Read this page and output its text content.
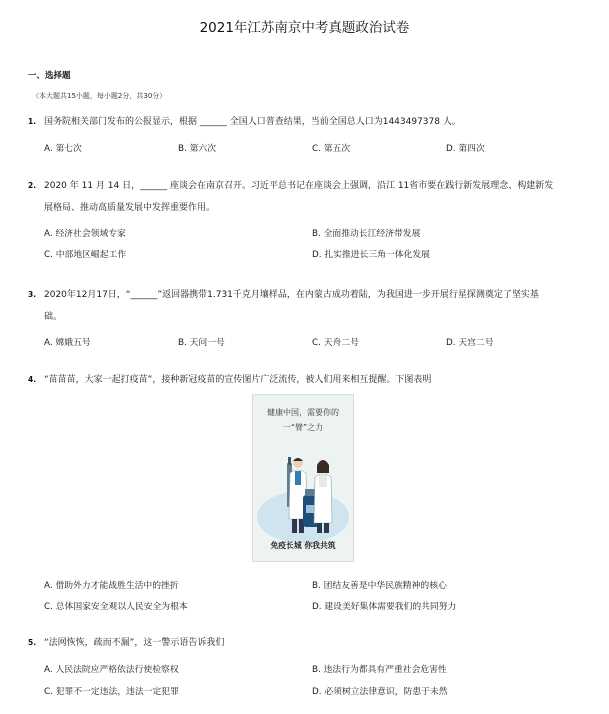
2021年江苏南京中考真题政治试卷
一、选择题
（本大题共15小题，每小题2分，共30分）
1. 国务院相关部门发布的公报显示，根据 ______ 全国人口普查结果，当前全国总人口为1443497378 人。
A. 第七次	B. 第六次	C. 第五次	D. 第四次
2. 2020 年 11 月 14 日，______ 座谈会在南京召开。习近平总书记在座谈会上强调，沿江 11省市要在践行新发展理念、构建新发
展格局、推动高质量发展中发挥重要作用。
A. 经济社会领域专家	B. 全面推动长江经济带发展
C. 中部地区崛起工作	D. 扎实推进长三角一体化发展
3. 2020年12月17日，“______”返回器携带1.731千克月壤样品，在内蒙古成功着陆，为我国进一步开展行星探测奠定了坚实基
础。
A. 嫦娥五号	B. 天问一号	C. 天舟二号	D. 天宫二号
4. “苗苗苗，大家一起打疫苗”，接种新冠疫苗的宣传图片广泛流传，被人们用来相互提醒。下图表明
健康中国，需要你的
一“臂”之力
免疫长城 你我共筑
A. 借助外力才能战胜生活中的挫折	B. 团结友善是中华民族精神的核心
C. 总体国家安全观以人民安全为根本	D. 建设美好集体需要我们的共同努力
5. “法网恢恢，疏而不漏”，这一警示语告诉我们
A. 人民法院应严格依法行使检察权	B. 违法行为都具有严重社会危害性
C. 犯罪不一定违法，违法一定犯罪	D. 必须树立法律意识，防患于未然
